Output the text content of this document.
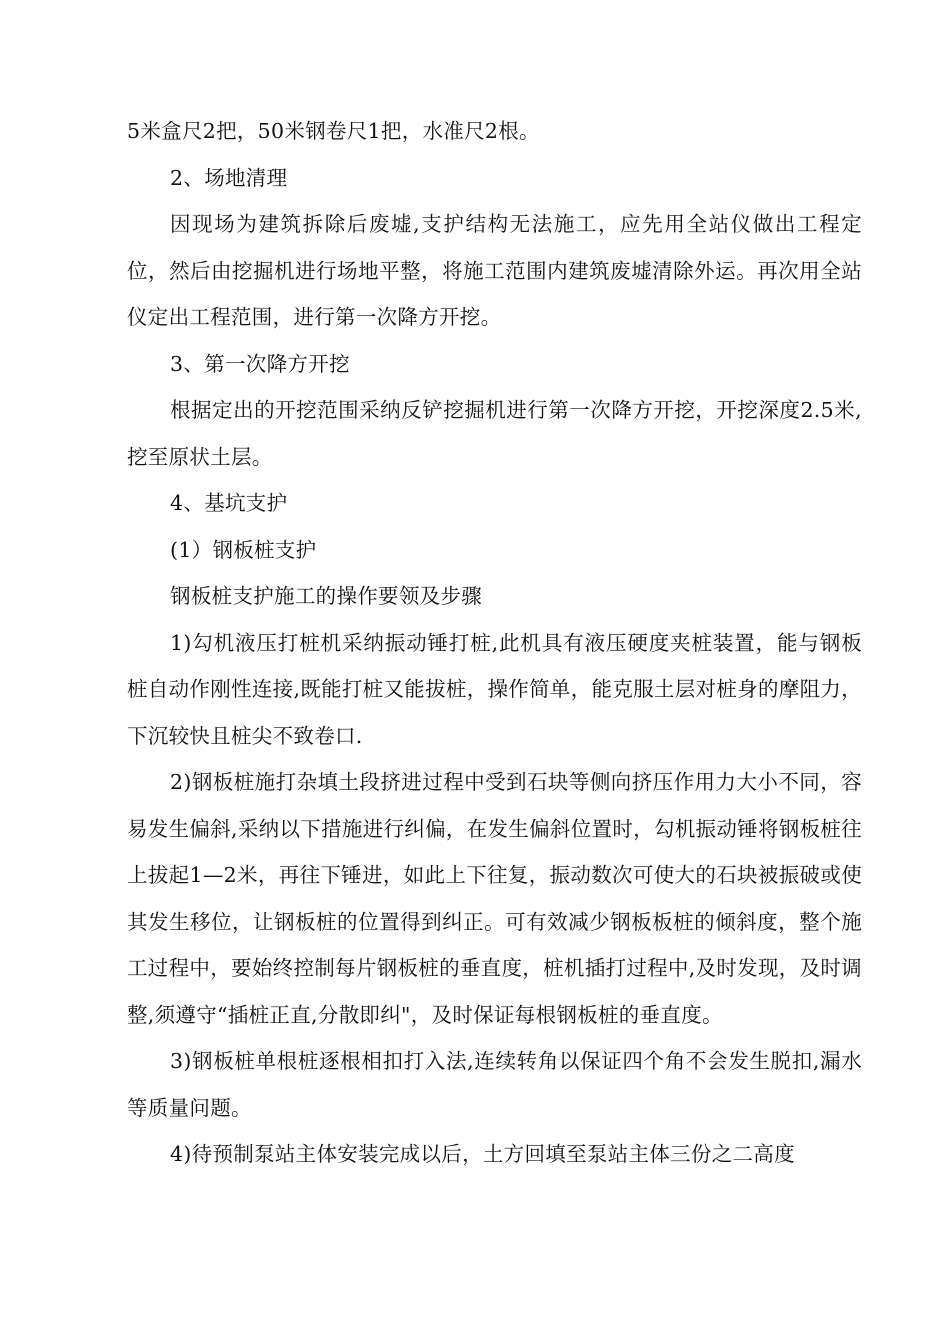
5米盒尺2把，50米钢卷尺1把，水准尺2根。

2、场地清理

因现场为建筑拆除后废墟,支护结构无法施工，应先用全站仪做出工程定位，然后由挖掘机进行场地平整，将施工范围内建筑废墟清除外运。再次用全站仪定出工程范围，进行第一次降方开挖。

3、第一次降方开挖

根据定出的开挖范围采纳反铲挖掘机进行第一次降方开挖，开挖深度2.5米,挖至原状土层。

4、基坑支护

(1）钢板桩支护

钢板桩支护施工的操作要领及步骤

1)勾机液压打桩机采纳振动锤打桩,此机具有液压硬度夹桩装置，能与钢板桩自动作刚性连接,既能打桩又能拔桩，操作简单，能克服土层对桩身的摩阻力，下沉较快且桩尖不致卷口.

2)钢板桩施打杂填土段挤进过程中受到石块等侧向挤压作用力大小不同，容易发生偏斜,采纳以下措施进行纠偏，在发生偏斜位置时，勾机振动锤将钢板桩往上拔起1—2米，再往下锤进，如此上下往复，振动数次可使大的石块被振破或使其发生移位，让钢板桩的位置得到纠正。可有效减少钢板板桩的倾斜度，整个施工过程中，要始终控制每片钢板桩的垂直度，桩机插打过程中,及时发现，及时调整,须遵守“插桩正直,分散即纠"，及时保证每根钢板桩的垂直度。

3)钢板桩单根桩逐根相扣打入法,连续转角以保证四个角不会发生脱扣,漏水等质量问题。

4)待预制泵站主体安装完成以后，土方回填至泵站主体三份之二高度
